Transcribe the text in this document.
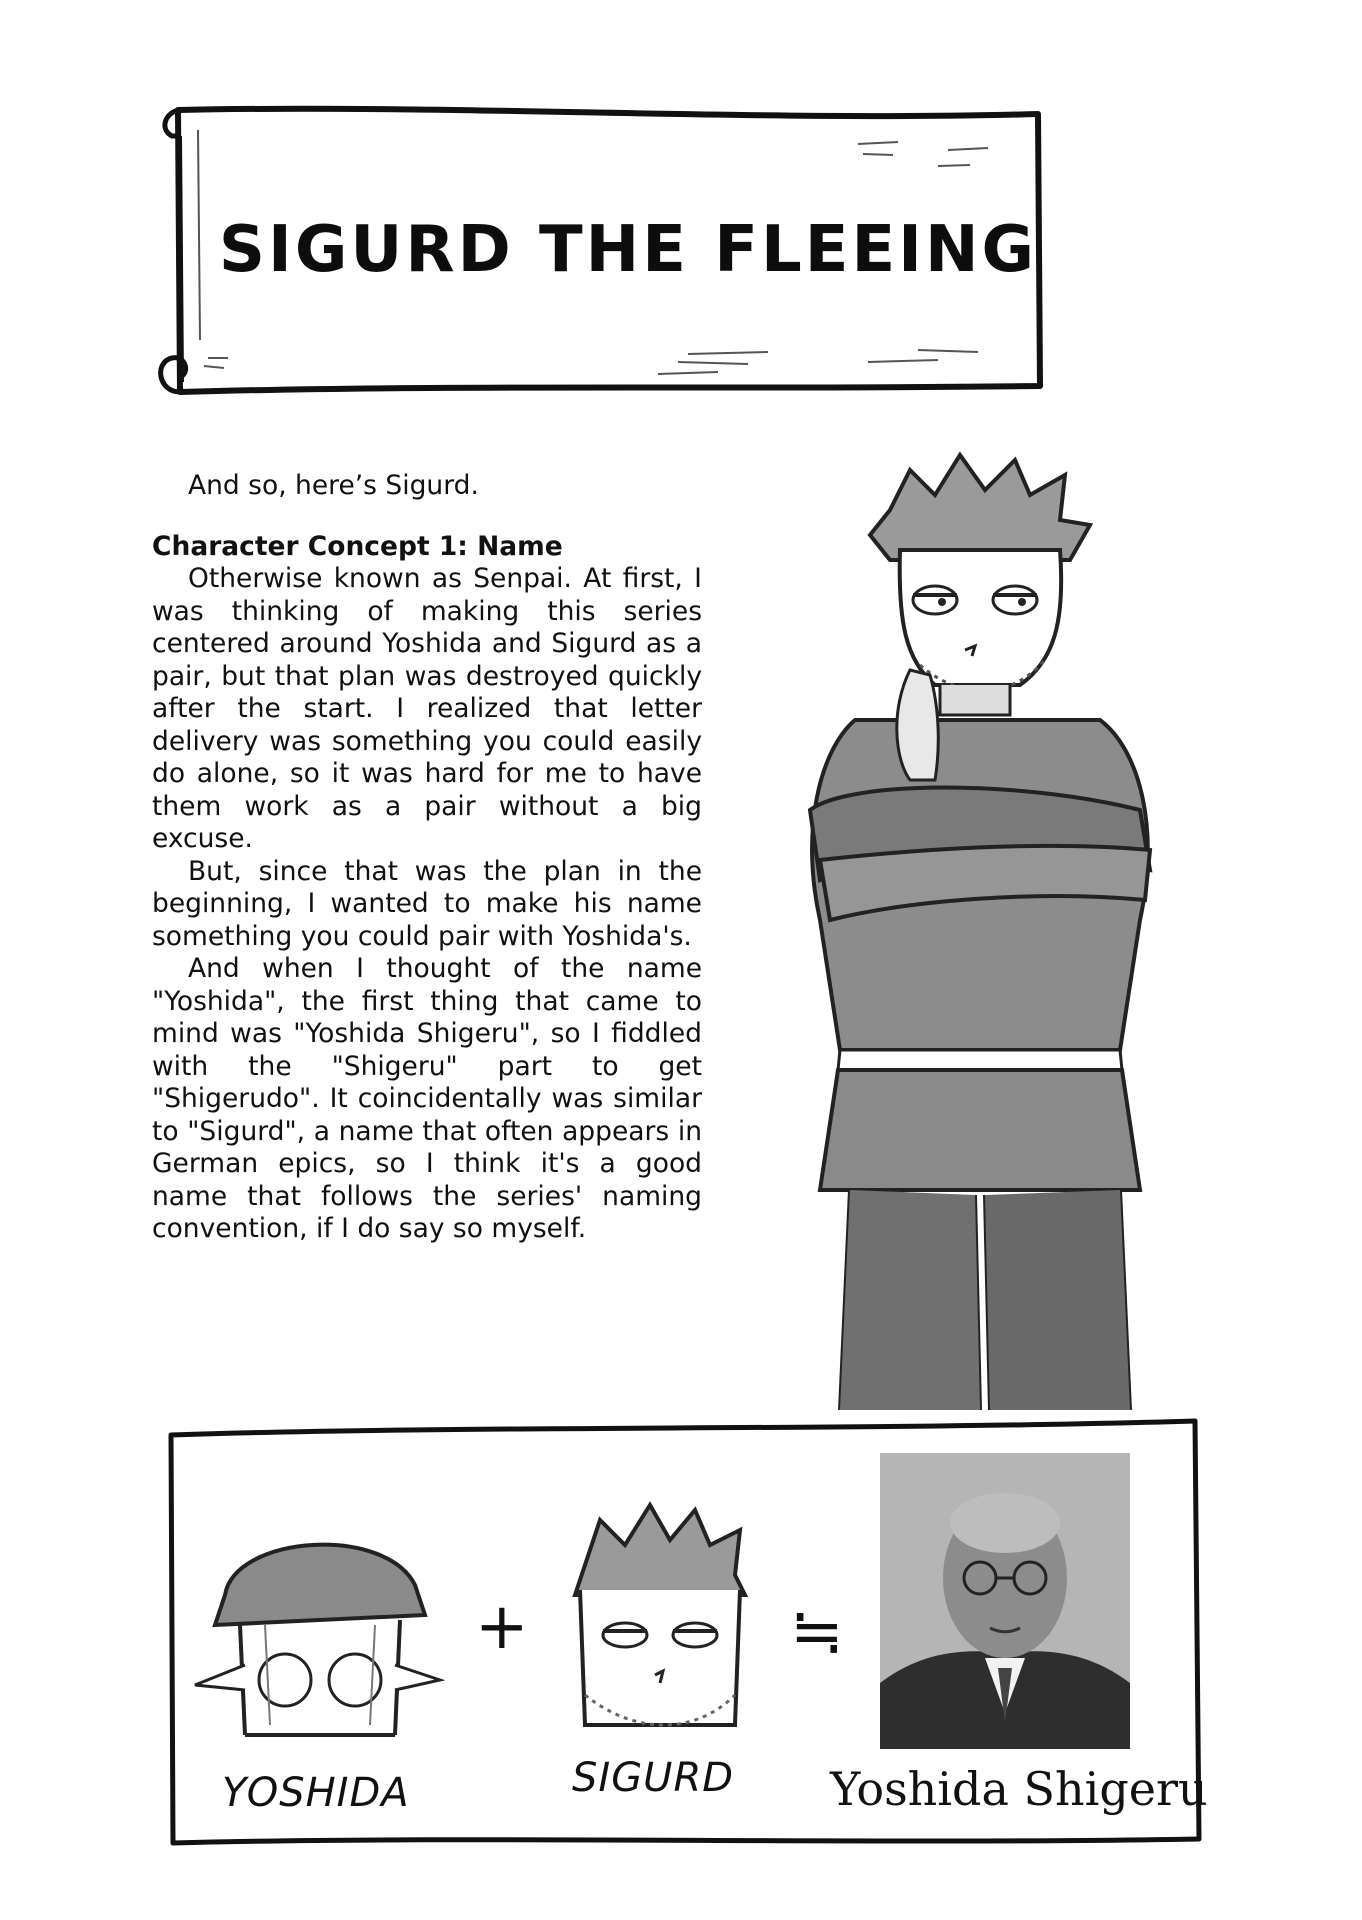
SIGURD THE FLEEING

And so, here’s Sigurd.

Character Concept 1: Name

Otherwise known as Senpai. At first, I was thinking of making this series centered around Yoshida and Sigurd as a pair, but that plan was destroyed quickly after the start. I realized that letter delivery was something you could easily do alone, so it was hard for me to have them work as a pair without a big excuse.

But, since that was the plan in the beginning, I wanted to make his name something you could pair with Yoshida's.

And when I thought of the name "Yoshida", the first thing that came to mind was "Yoshida Shigeru", so I fiddled with the "Shigeru" part to get "Shigerudo". It coincidentally was similar to "Sigurd", a name that often appears in German epics, so I think it's a good name that follows the series' naming convention, if I do say so myself.

+	≒
YOSHIDA	SIGURD Yoshida Shigeru
